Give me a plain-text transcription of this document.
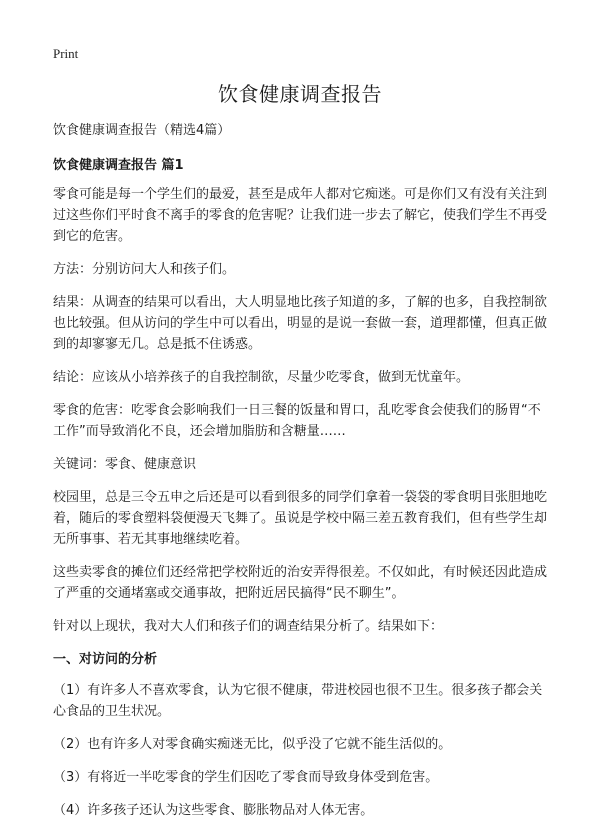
Print
饮食健康调查报告

饮食健康调查报告（精选4篇）

饮食健康调查报告 篇1

零食可能是每一个学生们的最爱，甚至是成年人都对它痴迷。可是你们又有没有关注到过这些你们平时食不离手的零食的危害呢？让我们进一步去了解它，使我们学生不再受到它的危害。

方法：分别访问大人和孩子们。

结果：从调查的结果可以看出，大人明显地比孩子知道的多，了解的也多，自我控制欲也比较强。但从访问的学生中可以看出，明显的是说一套做一套，道理都懂，但真正做到的却寥寥无几。总是抵不住诱惑。

结论：应该从小培养孩子的自我控制欲，尽量少吃零食，做到无忧童年。

零食的危害：吃零食会影响我们一日三餐的饭量和胃口，乱吃零食会使我们的肠胃“不工作”而导致消化不良，还会增加脂肪和含糖量……

关键词：零食、健康意识

校园里，总是三令五申之后还是可以看到很多的同学们拿着一袋袋的零食明目张胆地吃着，随后的零食塑料袋便漫天飞舞了。虽说是学校中隔三差五教育我们，但有些学生却无所事事、若无其事地继续吃着。

这些卖零食的摊位们还经常把学校附近的治安弄得很差。不仅如此，有时候还因此造成了严重的交通堵塞或交通事故，把附近居民搞得“民不聊生”。

针对以上现状，我对大人们和孩子们的调查结果分析了。结果如下：

一、对访问的分析

（1）有许多人不喜欢零食，认为它很不健康，带进校园也很不卫生。很多孩子都会关心食品的卫生状况。

（2）也有许多人对零食确实痴迷无比，似乎没了它就不能生活似的。

（3）有将近一半吃零食的学生们因吃了零食而导致身体受到危害。

（4）许多孩子还认为这些零食、膨胀物品对人体无害。
